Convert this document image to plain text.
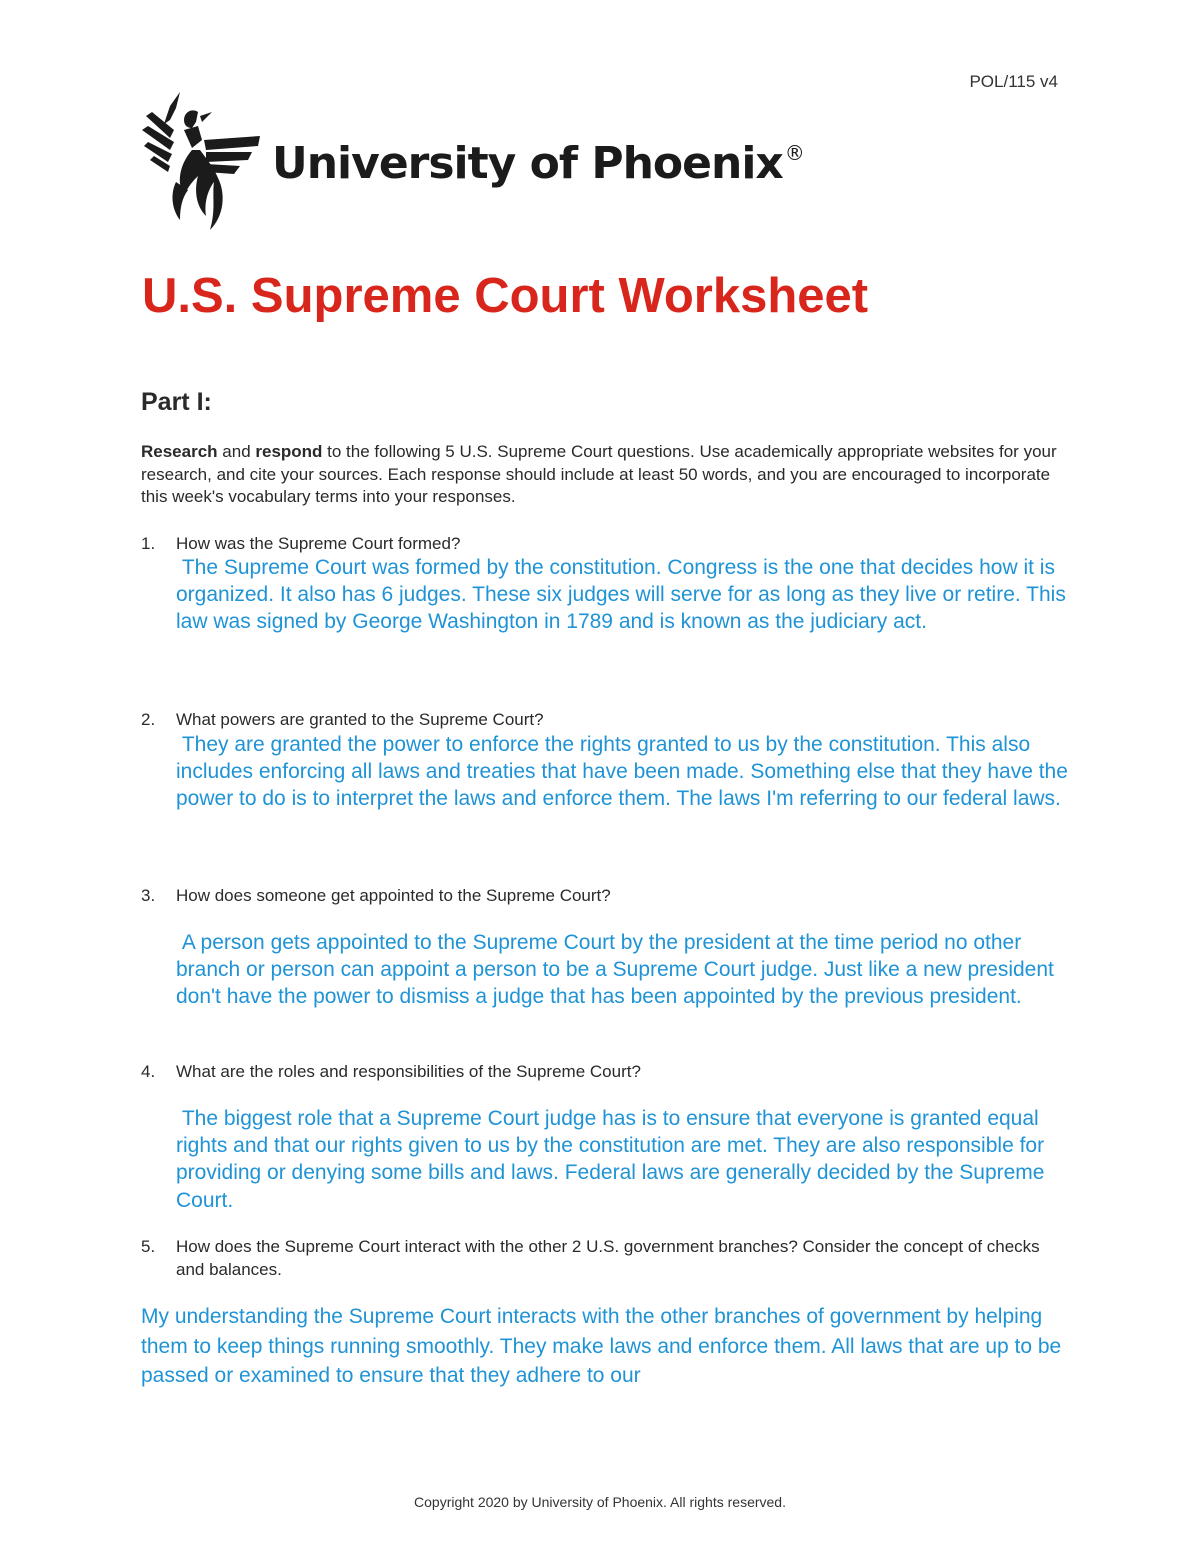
POL/115 v4
University of Phoenix ®
U.S. Supreme Court Worksheet
Part I:

Research and respond to the following 5 U.S. Supreme Court questions. Use academically appropriate websites for your research, and cite your sources. Each response should include at least 50 words, and you are encouraged to incorporate this week's vocabulary terms into your responses.

1. How was the Supreme Court formed?

The Supreme Court was formed by the constitution. Congress is the one that decides how it is organized. It also has 6 judges. These six judges will serve for as long as they live or retire. This law was signed by George Washington in 1789 and is known as the judiciary act.

2. What powers are granted to the Supreme Court?

They are granted the power to enforce the rights granted to us by the constitution. This also includes enforcing all laws and treaties that have been made. Something else that they have the power to do is to interpret the laws and enforce them. The laws I'm referring to our federal laws.

3. How does someone get appointed to the Supreme Court?

A person gets appointed to the Supreme Court by the president at the time period no other branch or person can appoint a person to be a Supreme Court judge. Just like a new president don't have the power to dismiss a judge that has been appointed by the previous president.

4. What are the roles and responsibilities of the Supreme Court?

The biggest role that a Supreme Court judge has is to ensure that everyone is granted equal rights and that our rights given to us by the constitution are met. They are also responsible for providing or denying some bills and laws. Federal laws are generally decided by the Supreme Court.

5. How does the Supreme Court interact with the other 2 U.S. government branches? Consider the concept of checks and balances.

My understanding the Supreme Court interacts with the other branches of government by helping them to keep things running smoothly. They make laws and enforce them. All laws that are up to be passed or examined to ensure that they adhere to our

Copyright 2020 by University of Phoenix. All rights reserved.
